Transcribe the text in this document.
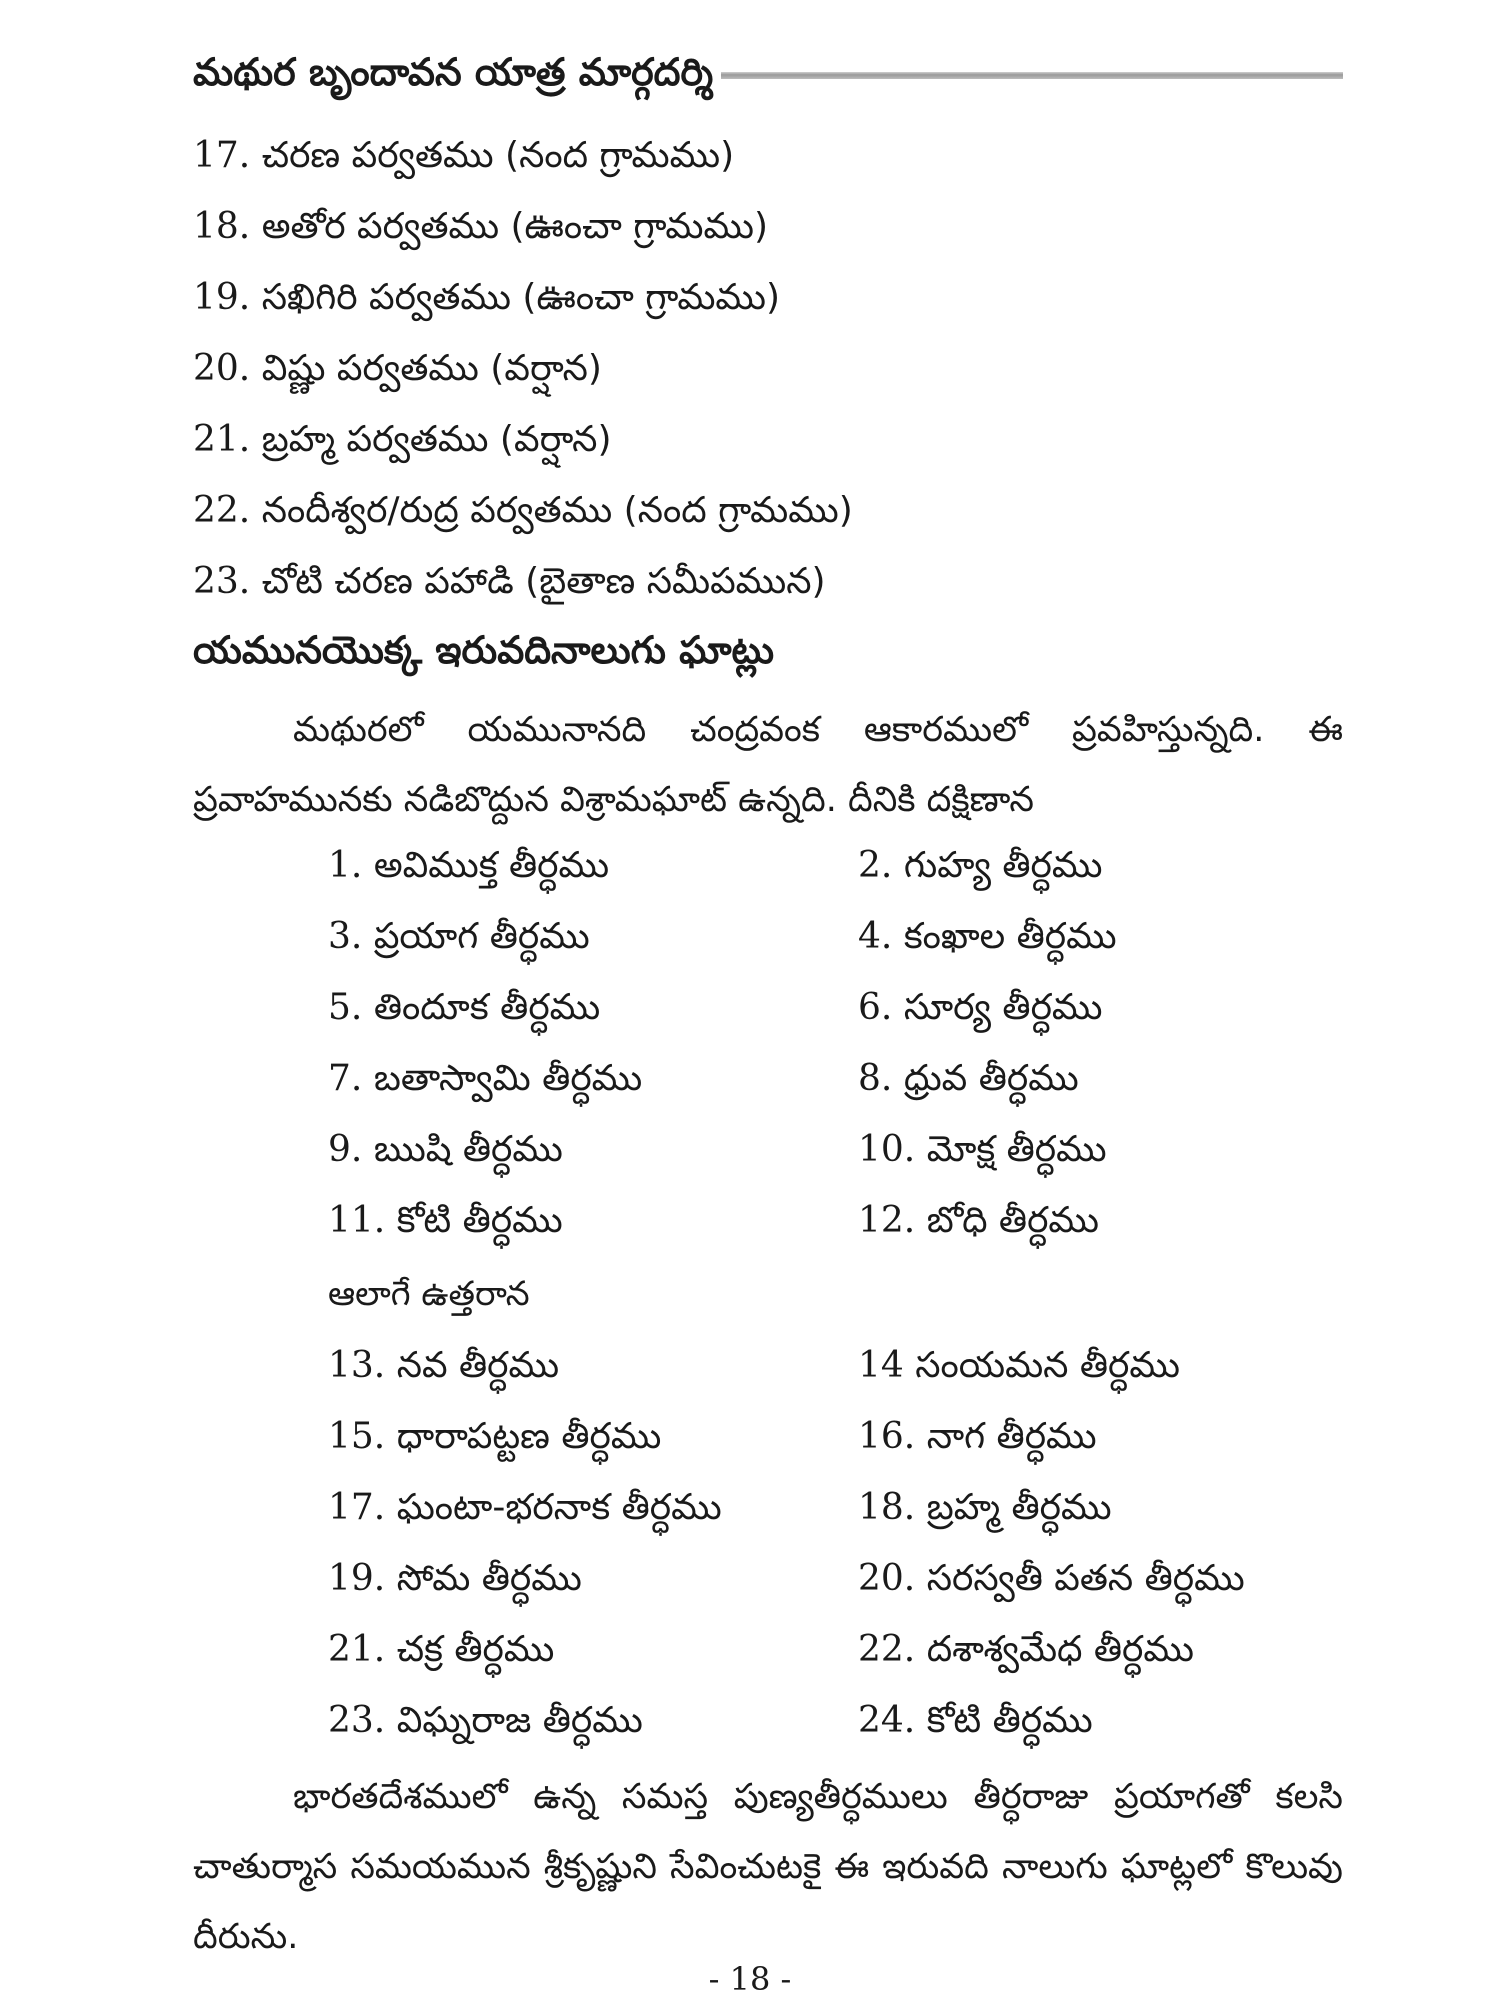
మథుర బృందావన యాత్ర మార్గదర్శి
17. చరణ పర్వతము (నంద గ్రామము)
18. అతోర పర్వతము (ఊంచా గ్రామము)
19. సఖిగిరి పర్వతము (ఊంచా గ్రామము)
20. విష్ణు పర్వతము (వర్షాన)
21. బ్రహ్మ పర్వతము (వర్షాన)
22. నందీశ్వర/రుద్ర పర్వతము (నంద గ్రామము)
23. చోటి చరణ పహాడి (బైతాణ సమీపమున)
యమునయొక్క ఇరువదినాలుగు ఘాట్లు
మథురలో యమునానది చంద్రవంక ఆకారములో ప్రవహిస్తున్నది. ఈ ప్రవాహమునకు నడిబొద్దున విశ్రామఘాట్ ఉన్నది. దీనికి దక్షిణాన
1. అవిముక్త తీర్ధము	2. గుహ్య తీర్ధము
3. ప్రయాగ తీర్ధము	4. కంఖాల తీర్ధము
5. తిందూక తీర్ధము	6. సూర్య తీర్ధము
7. బతాస్వామి తీర్ధము	8. ధ్రువ తీర్ధము
9. ఋషి తీర్ధము	10. మోక్ష తీర్ధము
11. కోటి తీర్ధము	12. బోధి తీర్ధము
ఆలాగే ఉత్తరాన
13. నవ తీర్ధము	14 సంయమన తీర్ధము
15. ధారాపట్టణ తీర్ధము	16. నాగ తీర్ధము
17. ఘంటా-భరనాక తీర్ధము	18. బ్రహ్మ తీర్ధము
19. సోమ తీర్ధము	20. సరస్వతీ పతన తీర్ధము
21. చక్ర తీర్ధము	22. దశాశ్వమేధ తీర్ధము
23. విఘ్నరాజ తీర్ధము	24. కోటి తీర్ధము
భారతదేశములో ఉన్న సమస్త పుణ్యతీర్ధములు తీర్ధరాజు ప్రయాగతో కలసి చాతుర్మాస సమయమున శ్రీకృష్ణుని సేవించుటకై ఈ ఇరువది నాలుగు ఘాట్లలో కొలువు దీరును.
- 18 -
